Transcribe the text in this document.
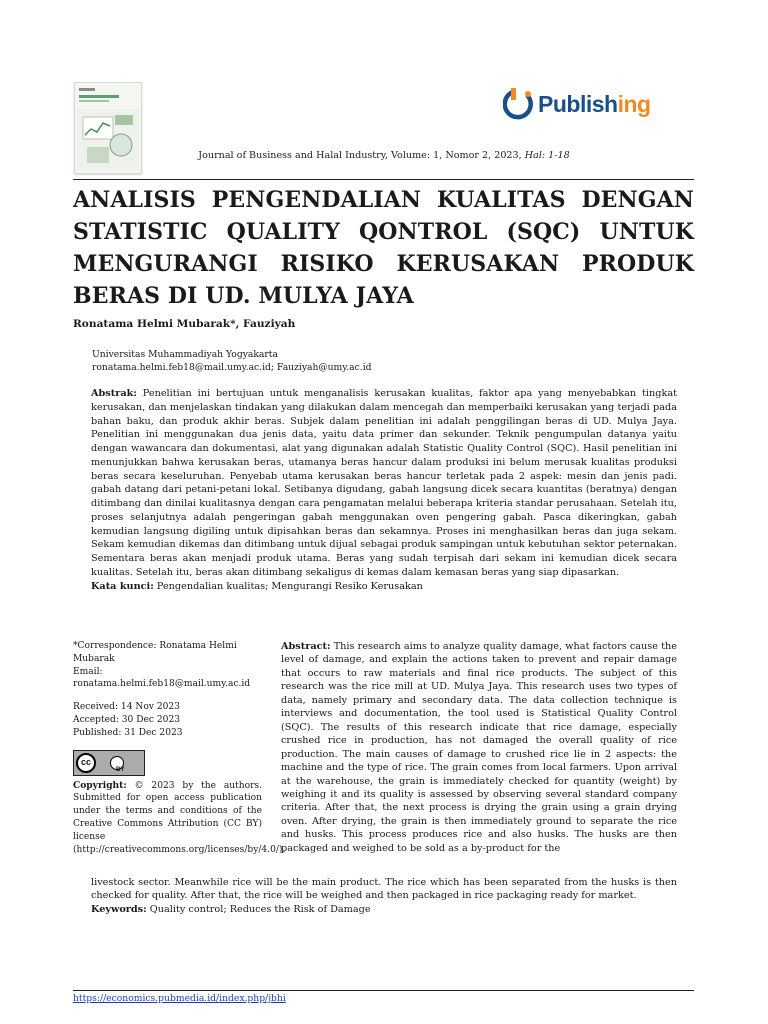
Publishing
Journal of Business and Halal Industry, Volume: 1, Nomor 2, 2023, Hal: 1-18
ANALISIS PENGENDALIAN KUALITAS DENGAN STATISTIC QUALITY QONTROL (SQC) UNTUK MENGURANGI RISIKO KERUSAKAN PRODUK BERAS DI UD. MULYA JAYA
Ronatama Helmi Mubarak*, Fauziyah
Universitas Muhammadiyah Yogyakarta
ronatama.helmi.feb18@mail.umy.ac.id; Fauziyah@umy.ac.id
Abstrak: Penelitian ini bertujuan untuk menganalisis kerusakan kualitas, faktor apa yang menyebabkan tingkat kerusakan, dan menjelaskan tindakan yang dilakukan dalam mencegah dan memperbaiki kerusakan yang terjadi pada bahan baku, dan produk akhir beras. Subjek dalam penelitian ini adalah penggilingan beras di UD. Mulya Jaya. Penelitian ini menggunakan dua jenis data, yaitu data primer dan sekunder. Teknik pengumpulan datanya yaitu dengan wawancara dan dokumentasi, alat yang digunakan adalah Statistic Quality Control (SQC). Hasil penelitian ini menunjukkan bahwa kerusakan beras, utamanya beras hancur dalam produksi ini belum merusak kualitas produksi beras secara keseluruhan. Penyebab utama kerusakan beras hancur terletak pada 2 aspek: mesin dan jenis padi. gabah datang dari petani-petani lokal. Setibanya digudang, gabah langsung dicek secara kuantitas (beratnya) dengan ditimbang dan dinilai kualitasnya dengan cara pengamatan melalui beberapa kriteria standar perusahaan. Setelah itu, proses selanjutnya adalah pengeringan gabah menggunakan oven pengering gabah. Pasca dikeringkan, gabah kemudian langsung digiling untuk dipisahkan beras dan sekamnya. Proses ini menghasilkan beras dan juga sekam. Sekam kemudian dikemas dan ditimbang untuk dijual sebagai produk sampingan untuk kebutuhan sektor peternakan. Sementara beras akan menjadi produk utama. Beras yang sudah terpisah dari sekam ini kemudian dicek secara kualitas. Setelah itu, beras akan ditimbang sekaligus di kemas dalam kemasan beras yang siap dipasarkan.
Kata kunci: Pengendalian kualitas; Mengurangi Resiko Kerusakan
*Correspondence: Ronatama Helmi Mubarak
Email:
ronatama.helmi.feb18@mail.umy.ac.id
Received: 14 Nov 2023
Accepted: 30 Dec 2023
Published: 31 Dec 2023
cc
BY
Copyright: © 2023 by the authors. Submitted for open access publication under the terms and conditions of the Creative Commons Attribution (CC BY) license (http://creativecommons.org/licenses/by/4.0/).
Abstract: This research aims to analyze quality damage, what factors cause the level of damage, and explain the actions taken to prevent and repair damage that occurs to raw materials and final rice products. The subject of this research was the rice mill at UD. Mulya Jaya. This research uses two types of data, namely primary and secondary data. The data collection technique is interviews and documentation, the tool used is Statistical Quality Control (SQC). The results of this research indicate that rice damage, especially crushed rice in production, has not damaged the overall quality of rice production. The main causes of damage to crushed rice lie in 2 aspects: the machine and the type of rice. The grain comes from local farmers. Upon arrival at the warehouse, the grain is immediately checked for quantity (weight) by weighing it and its quality is assessed by observing several standard company criteria. After that, the next process is drying the grain using a grain drying oven. After drying, the grain is then immediately ground to separate the rice and husks. This process produces rice and also husks. The husks are then packaged and weighed to be sold as a by-product for the
livestock sector. Meanwhile rice will be the main product. The rice which has been separated from the husks is then checked for quality. After that, the rice will be weighed and then packaged in rice packaging ready for market.
Keywords: Quality control; Reduces the Risk of Damage
https://economics.pubmedia.id/index.php/jbhi
